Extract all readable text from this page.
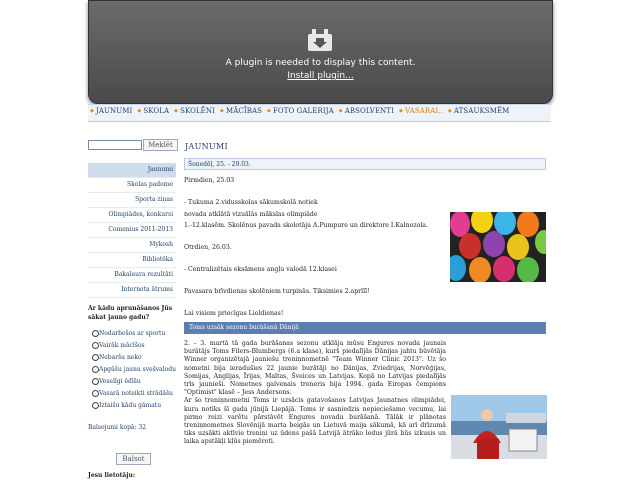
A plugin is needed to display this content.
Install plugin...
◆ JAUNUMI ◆ SKOLA ◆ SKOLĒNI ◆ MĀCĪBAS ◆ FOTO GALERIJA ◆ ABSOLVENTI ◆ VASARAI.. ◆ ATSAUKSMĒM
Meklēt
Jaunumi
Skolas padome
Sporta ziņas
Olimpiādes, konkursi
Comenius 2011-2013
Mykosh
Bibliotēka
Bakalaura rezultāti
Interneta ātrums
Ar kādu aprunāšanos Jūs sākat jauno gadu?
Nodarbošos ar sportu
Vairāk mācīšos
Nebaršu neko
Apgūšu jaunu svešvalodu
Veselīgi ēdīšu
Vasarā noteikti strādāšu
Iztaišu kādu gāmatu
Balsojumi kopā: 32
Balsot
Jesu lietotāju:
JAUNUMI
Šonedēļ, 25. - 29.03.
Pirmdien, 25.03
- Tukuma 2.vidusskolas sākumskolā notiek
novada atklātā vizuālās mākslas olimpiāde
1.-12.klasēm. Skolēnus pavada skolotāja A.Pumpure un direktore I.Kalnozola.
Otrdien, 26.03.
- Centralizētais eksāmens angļu valodā 12.klasei
Pavasara brīvdienas skolēniem turpinās. Tiksimies 2.aprīlī!
Lai visiem priecīgas Lieldienas!
Toms uzsāk sezonu burāšanā Dānijā
2. – 3. martā tā gada burāšanas sezonu atklāja mūsu Engures novada jaunais burātājs Toms Filers-Blumbergs (6.a klase), kurš piedalījās Dānijas jahtu būvētāja Winner organizētajā jauniešu treniņnometnē "Team Winner Clinic 2013". Uz šo nometni bija ieradušies 22 jaunie burātāji no Dānijas, Zviedrijas, Norvēģijas, Somijas, Anglijas, Īrijas, Maltas, Šveices un Latvijas. Kopā no Latvijas piedalījās trīs jaunieši. Nometnes galvenais treneris bija 1994. gada Eiropas čempions "Optimist" klasē – Jess Andersons.
Ar šo treniņnometni Toms ir uzsācis gatavošanos Latvijas Jaunatnes olimpiādei, kura notiks šī gada jūnijā Liepājā. Toms ir sasniedzis nepieciešamo vecumu, lai pirmo reizi varētu pārstāvēt Engures novadu burāšanā. Tālāk ir plānotas treniņnometnes Slovēnijā marta beigās un Lietuvā maija sākumā, kā arī drīzumā tiks uzsākti aktīvie treniņi uz ūdens pašā Latvijā ātrāko ledus jūrā būs izkusis un laika apstākļi kļūs piemēroti.
